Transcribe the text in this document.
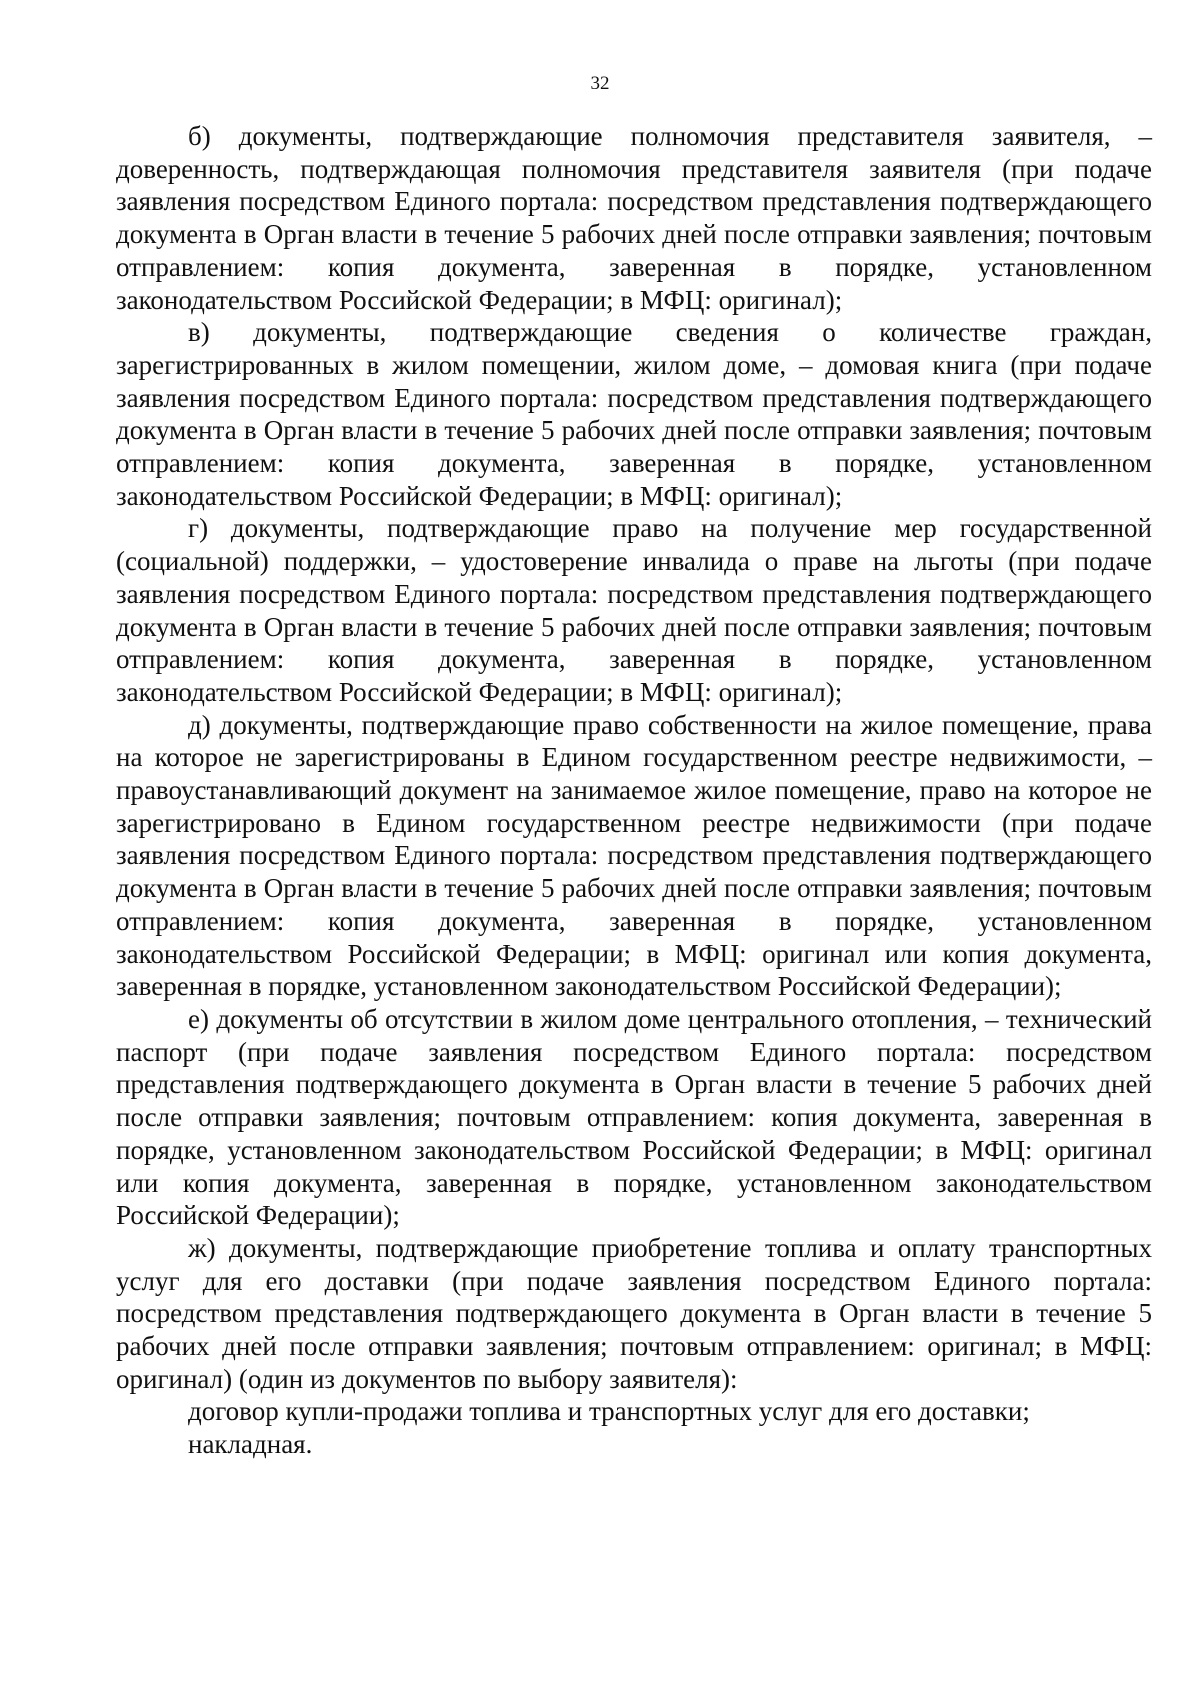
32

б) документы, подтверждающие полномочия представителя заявителя, – доверенность, подтверждающая полномочия представителя заявителя (при подаче заявления посредством Единого портала: посредством представления подтверждающего документа в Орган власти в течение 5 рабочих дней после отправки заявления; почтовым отправлением: копия документа, заверенная в порядке, установленном законодательством Российской Федерации; в МФЦ: оригинал);

в) документы, подтверждающие сведения о количестве граждан, зарегистрированных в жилом помещении, жилом доме, – домовая книга (при подаче заявления посредством Единого портала: посредством представления подтверждающего документа в Орган власти в течение 5 рабочих дней после отправки заявления; почтовым отправлением: копия документа, заверенная в порядке, установленном законодательством Российской Федерации; в МФЦ: оригинал);

г) документы, подтверждающие право на получение мер государственной (социальной) поддержки, – удостоверение инвалида о праве на льготы (при подаче заявления посредством Единого портала: посредством представления подтверждающего документа в Орган власти в течение 5 рабочих дней после отправки заявления; почтовым отправлением: копия документа, заверенная в порядке, установленном законодательством Российской Федерации; в МФЦ: оригинал);

д) документы, подтверждающие право собственности на жилое помещение, права на которое не зарегистрированы в Едином государственном реестре недвижимости, – правоустанавливающий документ на занимаемое жилое помещение, право на которое не зарегистрировано в Едином государственном реестре недвижимости (при подаче заявления посредством Единого портала: посредством представления подтверждающего документа в Орган власти в течение 5 рабочих дней после отправки заявления; почтовым отправлением: копия документа, заверенная в порядке, установленном законодательством Российской Федерации; в МФЦ: оригинал или копия документа, заверенная в порядке, установленном законодательством Российской Федерации);

е) документы об отсутствии в жилом доме центрального отопления, – технический паспорт (при подаче заявления посредством Единого портала: посредством представления подтверждающего документа в Орган власти в течение 5 рабочих дней после отправки заявления; почтовым отправлением: копия документа, заверенная в порядке, установленном законодательством Российской Федерации; в МФЦ: оригинал или копия документа, заверенная в порядке, установленном законодательством Российской Федерации);

ж) документы, подтверждающие приобретение топлива и оплату транспортных услуг для его доставки (при подаче заявления посредством Единого портала: посредством представления подтверждающего документа в Орган власти в течение 5 рабочих дней после отправки заявления; почтовым отправлением: оригинал; в МФЦ: оригинал) (один из документов по выбору заявителя):

договор купли-продажи топлива и транспортных услуг для его доставки;

накладная.
